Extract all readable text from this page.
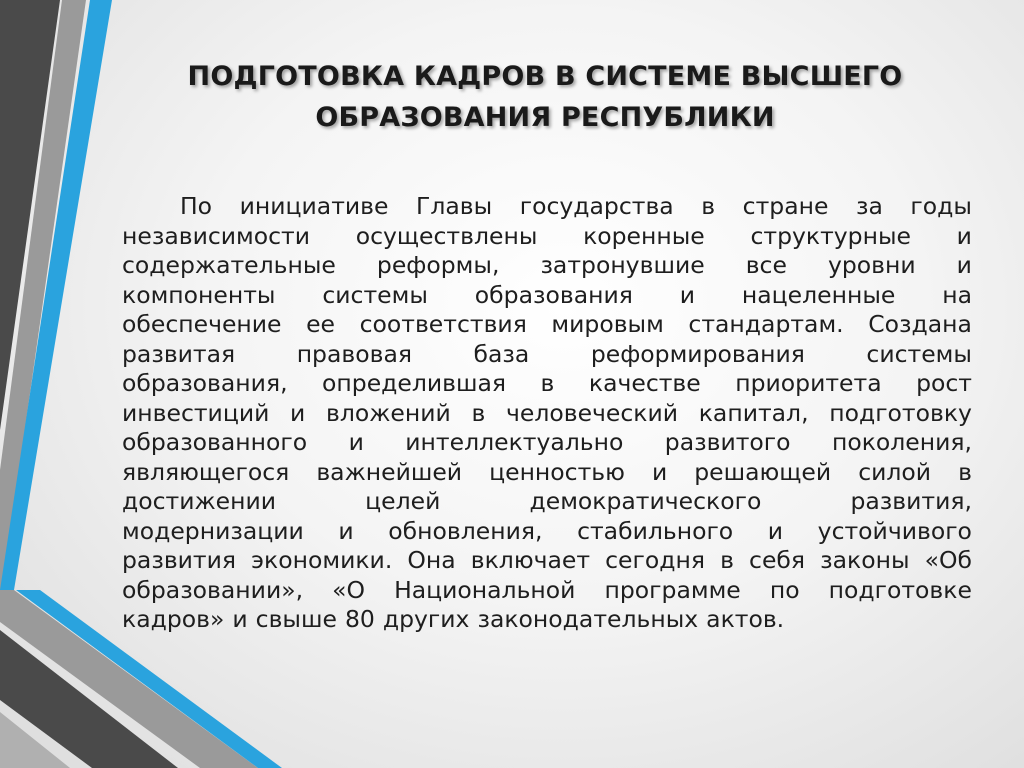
ПОДГОТОВКА КАДРОВ В СИСТЕМЕ ВЫСШЕГО
ОБРАЗОВАНИЯ РЕСПУБЛИКИ
По инициативе Главы государства в стране за годы
независимости осуществлены коренные структурные и
содержательные реформы, затронувшие все уровни и
компоненты системы образования и нацеленные на
обеспечение ее соответствия мировым стандартам. Создана
развитая	правовая	база	реформирования	системы
образования, определившая в качестве приоритета рост
инвестиций и вложений в человеческий капитал, подготовку
образованного и интеллектуально развитого поколения,
являющегося важнейшей ценностью и решающей силой в
достижении	целей	демократического	развития,
модернизации и обновления, стабильного и устойчивого
развития экономики. Она включает сегодня в себя законы «Об
образовании», «О Национальной программе по подготовке
кадров» и свыше 80 других законодательных актов.
